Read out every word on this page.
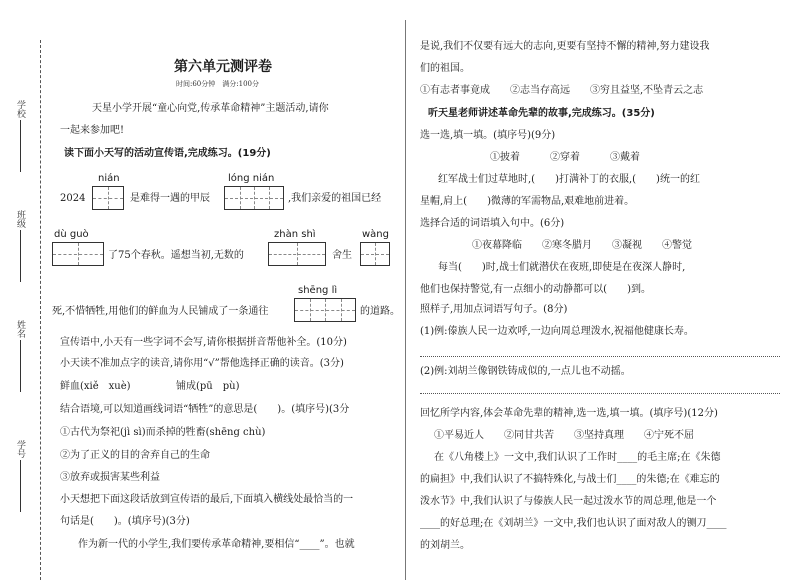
学校
班级
姓名
学号
第六单元测评卷
时间:60分钟　满分:100分
天星小学开展“童心向党,传承革命精神”主题活动,请你
一起来参加吧!
读下面小天写的活动宣传语,完成练习。(19分)
nián	lóng nián
2024	是难得一遇的甲辰	,我们亲爱的祖国已经
dù guò	zhàn shì	wàng
了75个春秋。遥想当初,无数的	舍生
shēng lì
死,不惜牺牲,用他们的鲜血为人民铺成了一条通往	的道路。
宣传语中,小天有一些字词不会写,请你根据拼音帮他补全。(10分)
小天读不准加点字的读音,请你用“√”帮他选择正确的读音。(3分)
鲜血(xiě　xuè)	铺成(pū　pù)
结合语境,可以知道画线词语“牺牲”的意思是(　　)。(填序号)(3分
①古代为祭祀(jì sì)而杀掉的牲畜(shēng chù)
②为了正义的目的舍弃自己的生命
③放弃或损害某些利益
小天想把下面这段话放到宣传语的最后,下面填入横线处最恰当的一
句话是(　　)。(填序号)(3分)
作为新一代的小学生,我们要传承革命精神,要相信“____”。也就
是说,我们不仅要有远大的志向,更要有坚持不懈的精神,努力建设我
们的祖国。
①有志者事竟成　　②志当存高远　　③穷且益坚,不坠青云之志
听天星老师讲述革命先辈的故事,完成练习。(35分)
选一选,填一填。(填序号)(9分)
①披着　　　②穿着　　　③戴着
红军战士们过草地时,(　　)打满补丁的衣服,(　　)统一的红
星帽,肩上(　　)微薄的军需物品,艰难地前进着。
选择合适的词语填入句中。(6分)
①夜幕降临　　②寒冬腊月　　③凝视　　④警觉
每当(　　)时,战士们就潜伏在夜班,即使是在夜深人静时,
他们也保持警觉,有一点细小的动静都可以(　　)到。
照样子,用加点词语写句子。(8分)
(1)例:傣族人民一边欢呼,一边向周总理泼水,祝福他健康长寿。
(2)例:刘胡兰像钢铁铸成似的,一点儿也不动摇。
回忆所学内容,体会革命先辈的精神,选一选,填一填。(填序号)(12分)
①平易近人　　②同甘共苦　　③坚持真理　　④宁死不屈
在《八角楼上》一文中,我们认识了工作时____的毛主席;在《朱德
的扁担》中,我们认识了不搞特殊化,与战士们____的朱德;在《难忘的
泼水节》中,我们认识了与傣族人民一起过泼水节的周总理,他是一个
____的好总理;在《刘胡兰》一文中,我们也认识了面对敌人的铡刀____
的刘胡兰。
